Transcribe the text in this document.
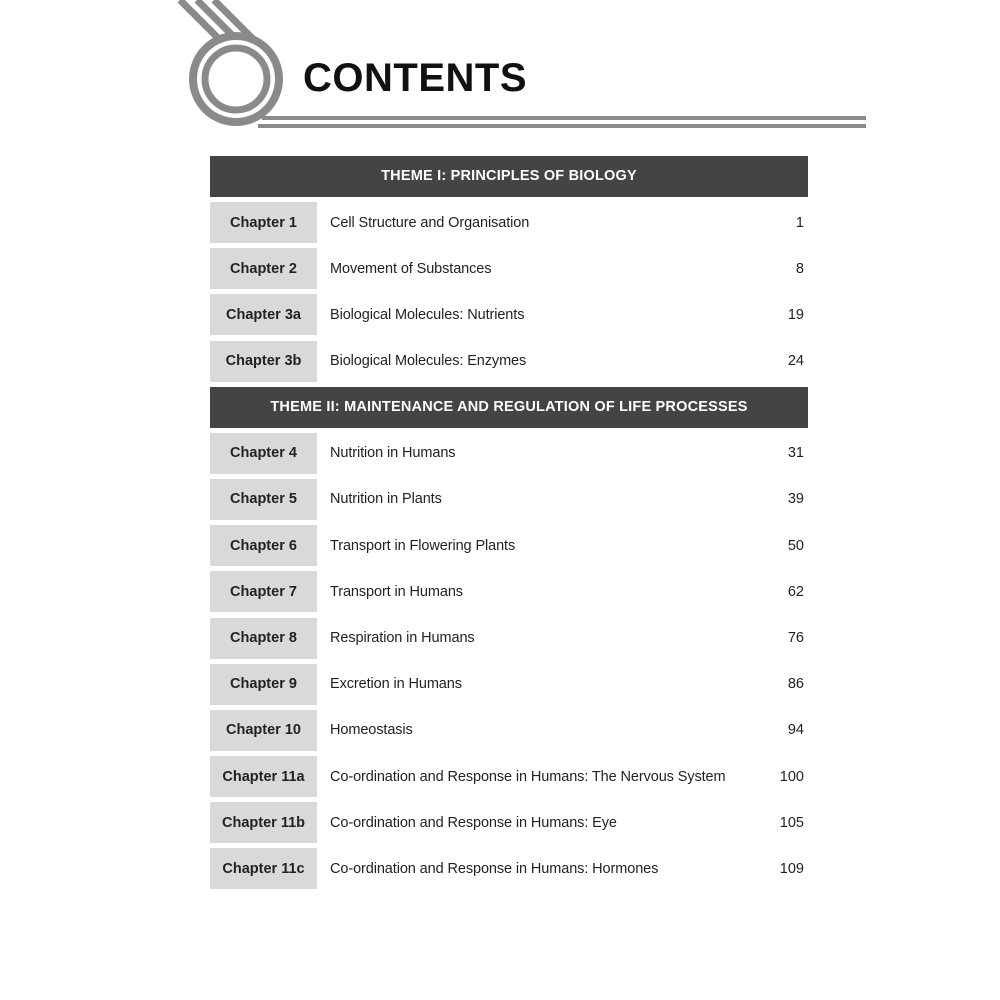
CONTENTS
THEME I: PRINCIPLES OF BIOLOGY
Chapter 1	Cell Structure and Organisation	1
Chapter 2	Movement of Substances	8
Chapter 3a	Biological Molecules: Nutrients	19
Chapter 3b	Biological Molecules: Enzymes	24
THEME II: MAINTENANCE AND REGULATION OF LIFE PROCESSES
Chapter 4	Nutrition in Humans	31
Chapter 5	Nutrition in Plants	39
Chapter 6	Transport in Flowering Plants	50
Chapter 7	Transport in Humans	62
Chapter 8	Respiration in Humans	76
Chapter 9	Excretion in Humans	86
Chapter 10	Homeostasis	94
Chapter 11a	Co-ordination and Response in Humans: The Nervous System	100
Chapter 11b	Co-ordination and Response in Humans: Eye	105
Chapter 11c	Co-ordination and Response in Humans: Hormones	109
